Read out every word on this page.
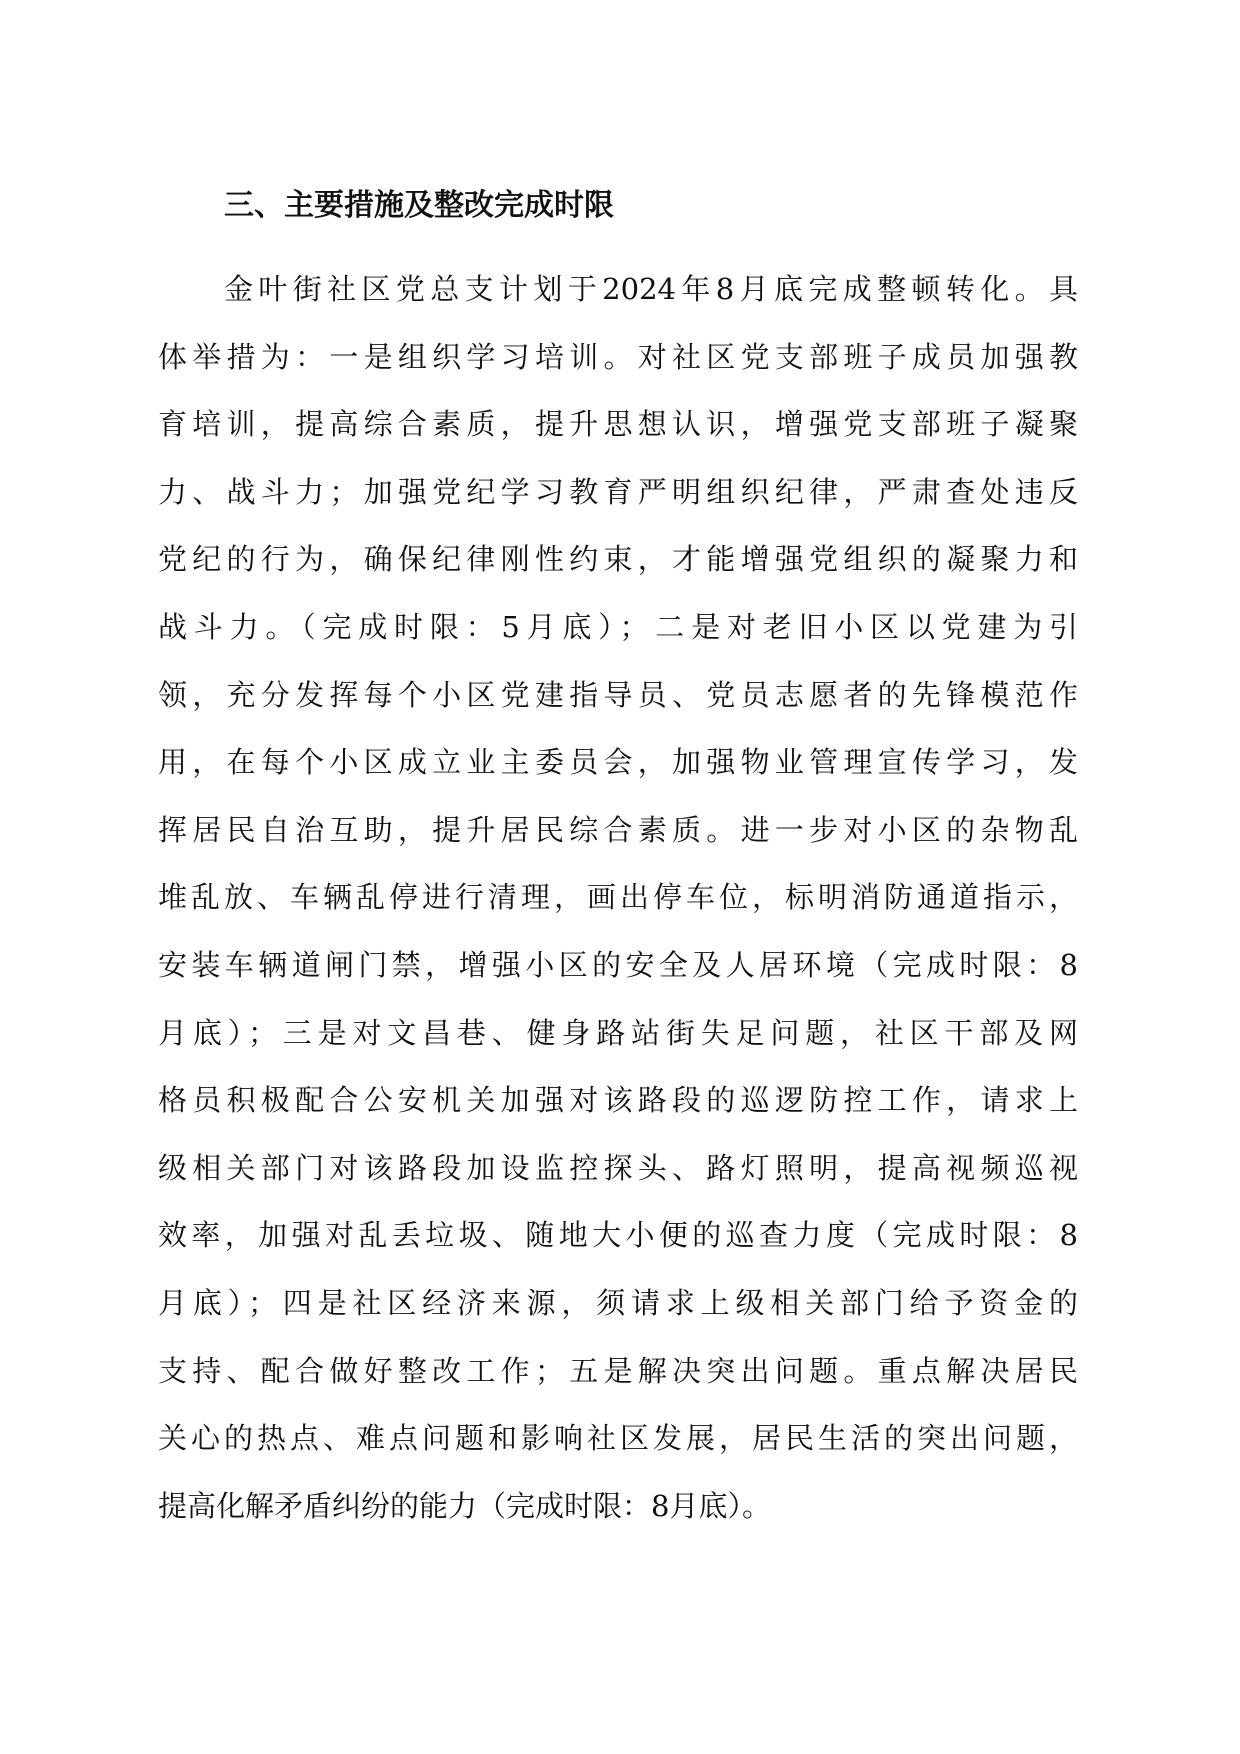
三、主要措施及整改完成时限
金叶街社区党总支计划于2024年8月底完成整顿转化。具
体举措为：一是组织学习培训。对社区党支部班子成员加强教
育培训，提高综合素质，提升思想认识，增强党支部班子凝聚
力、战斗力；加强党纪学习教育严明组织纪律，严肃查处违反
党纪的行为，确保纪律刚性约束，才能增强党组织的凝聚力和
战斗力。（完成时限：5月底）；二是对老旧小区以党建为引
领，充分发挥每个小区党建指导员、党员志愿者的先锋模范作
用，在每个小区成立业主委员会，加强物业管理宣传学习，发
挥居民自治互助，提升居民综合素质。进一步对小区的杂物乱
堆乱放、车辆乱停进行清理，画出停车位，标明消防通道指示，
安装车辆道闸门禁，增强小区的安全及人居环境（完成时限：8
月底）；三是对文昌巷、健身路站街失足问题，社区干部及网
格员积极配合公安机关加强对该路段的巡逻防控工作，请求上
级相关部门对该路段加设监控探头、路灯照明，提高视频巡视
效率，加强对乱丢垃圾、随地大小便的巡查力度（完成时限：8
月底）；四是社区经济来源，须请求上级相关部门给予资金的
支持、配合做好整改工作；五是解决突出问题。重点解决居民
关心的热点、难点问题和影响社区发展，居民生活的突出问题，
提高化解矛盾纠纷的能力（完成时限：8月底）。
